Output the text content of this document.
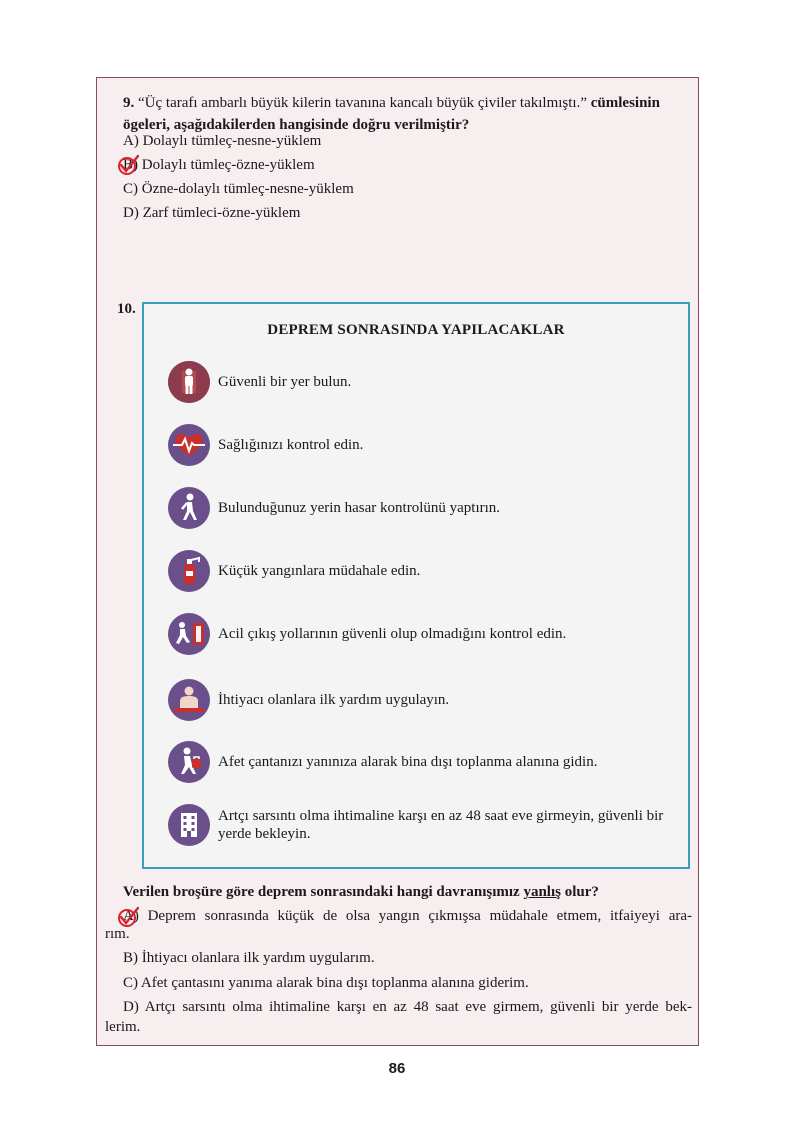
9. “Üç tarafı ambarlı büyük kilerin tavanına kancalı büyük çiviler takılmıştı.” cümlesinin ögeleri, aşağıdakilerden hangisinde doğru verilmiştir?
A) Dolaylı tümleç-nesne-yüklem
B) Dolaylı tümleç-özne-yüklem
C) Özne-dolaylı tümleç-nesne-yüklem
D) Zarf tümleci-özne-yüklem
10.
DEPREM SONRASINDA YAPILACAKLAR
Güvenli bir yer bulun.
Sağlığınızı kontrol edin.
Bulunduğunuz yerin hasar kontrolünü yaptırın.
Küçük yangınlara müdahale edin.
Acil çıkış yollarının güvenli olup olmadığını kontrol edin.
İhtiyacı olanlara ilk yardım uygulayın.
Afet çantanızı yanınıza alarak bina dışı toplanma alanına gidin.
Artçı sarsıntı olma ihtimaline karşı en az 48 saat eve girmeyin, güvenli bir yerde bekleyin.
Verilen broşüre göre deprem sonrasındaki hangi davranışımız yanlış olur?
A) Deprem sonrasında küçük de olsa yangın çıkmışsa müdahale etmem, itfaiyeyi ara-
rım.
B) İhtiyacı olanlara ilk yardım uygularım.
C) Afet çantasını yanıma alarak bina dışı toplanma alanına giderim.
D) Artçı sarsıntı olma ihtimaline karşı en az 48 saat eve girmem, güvenli bir yerde bek-
lerim.
86
